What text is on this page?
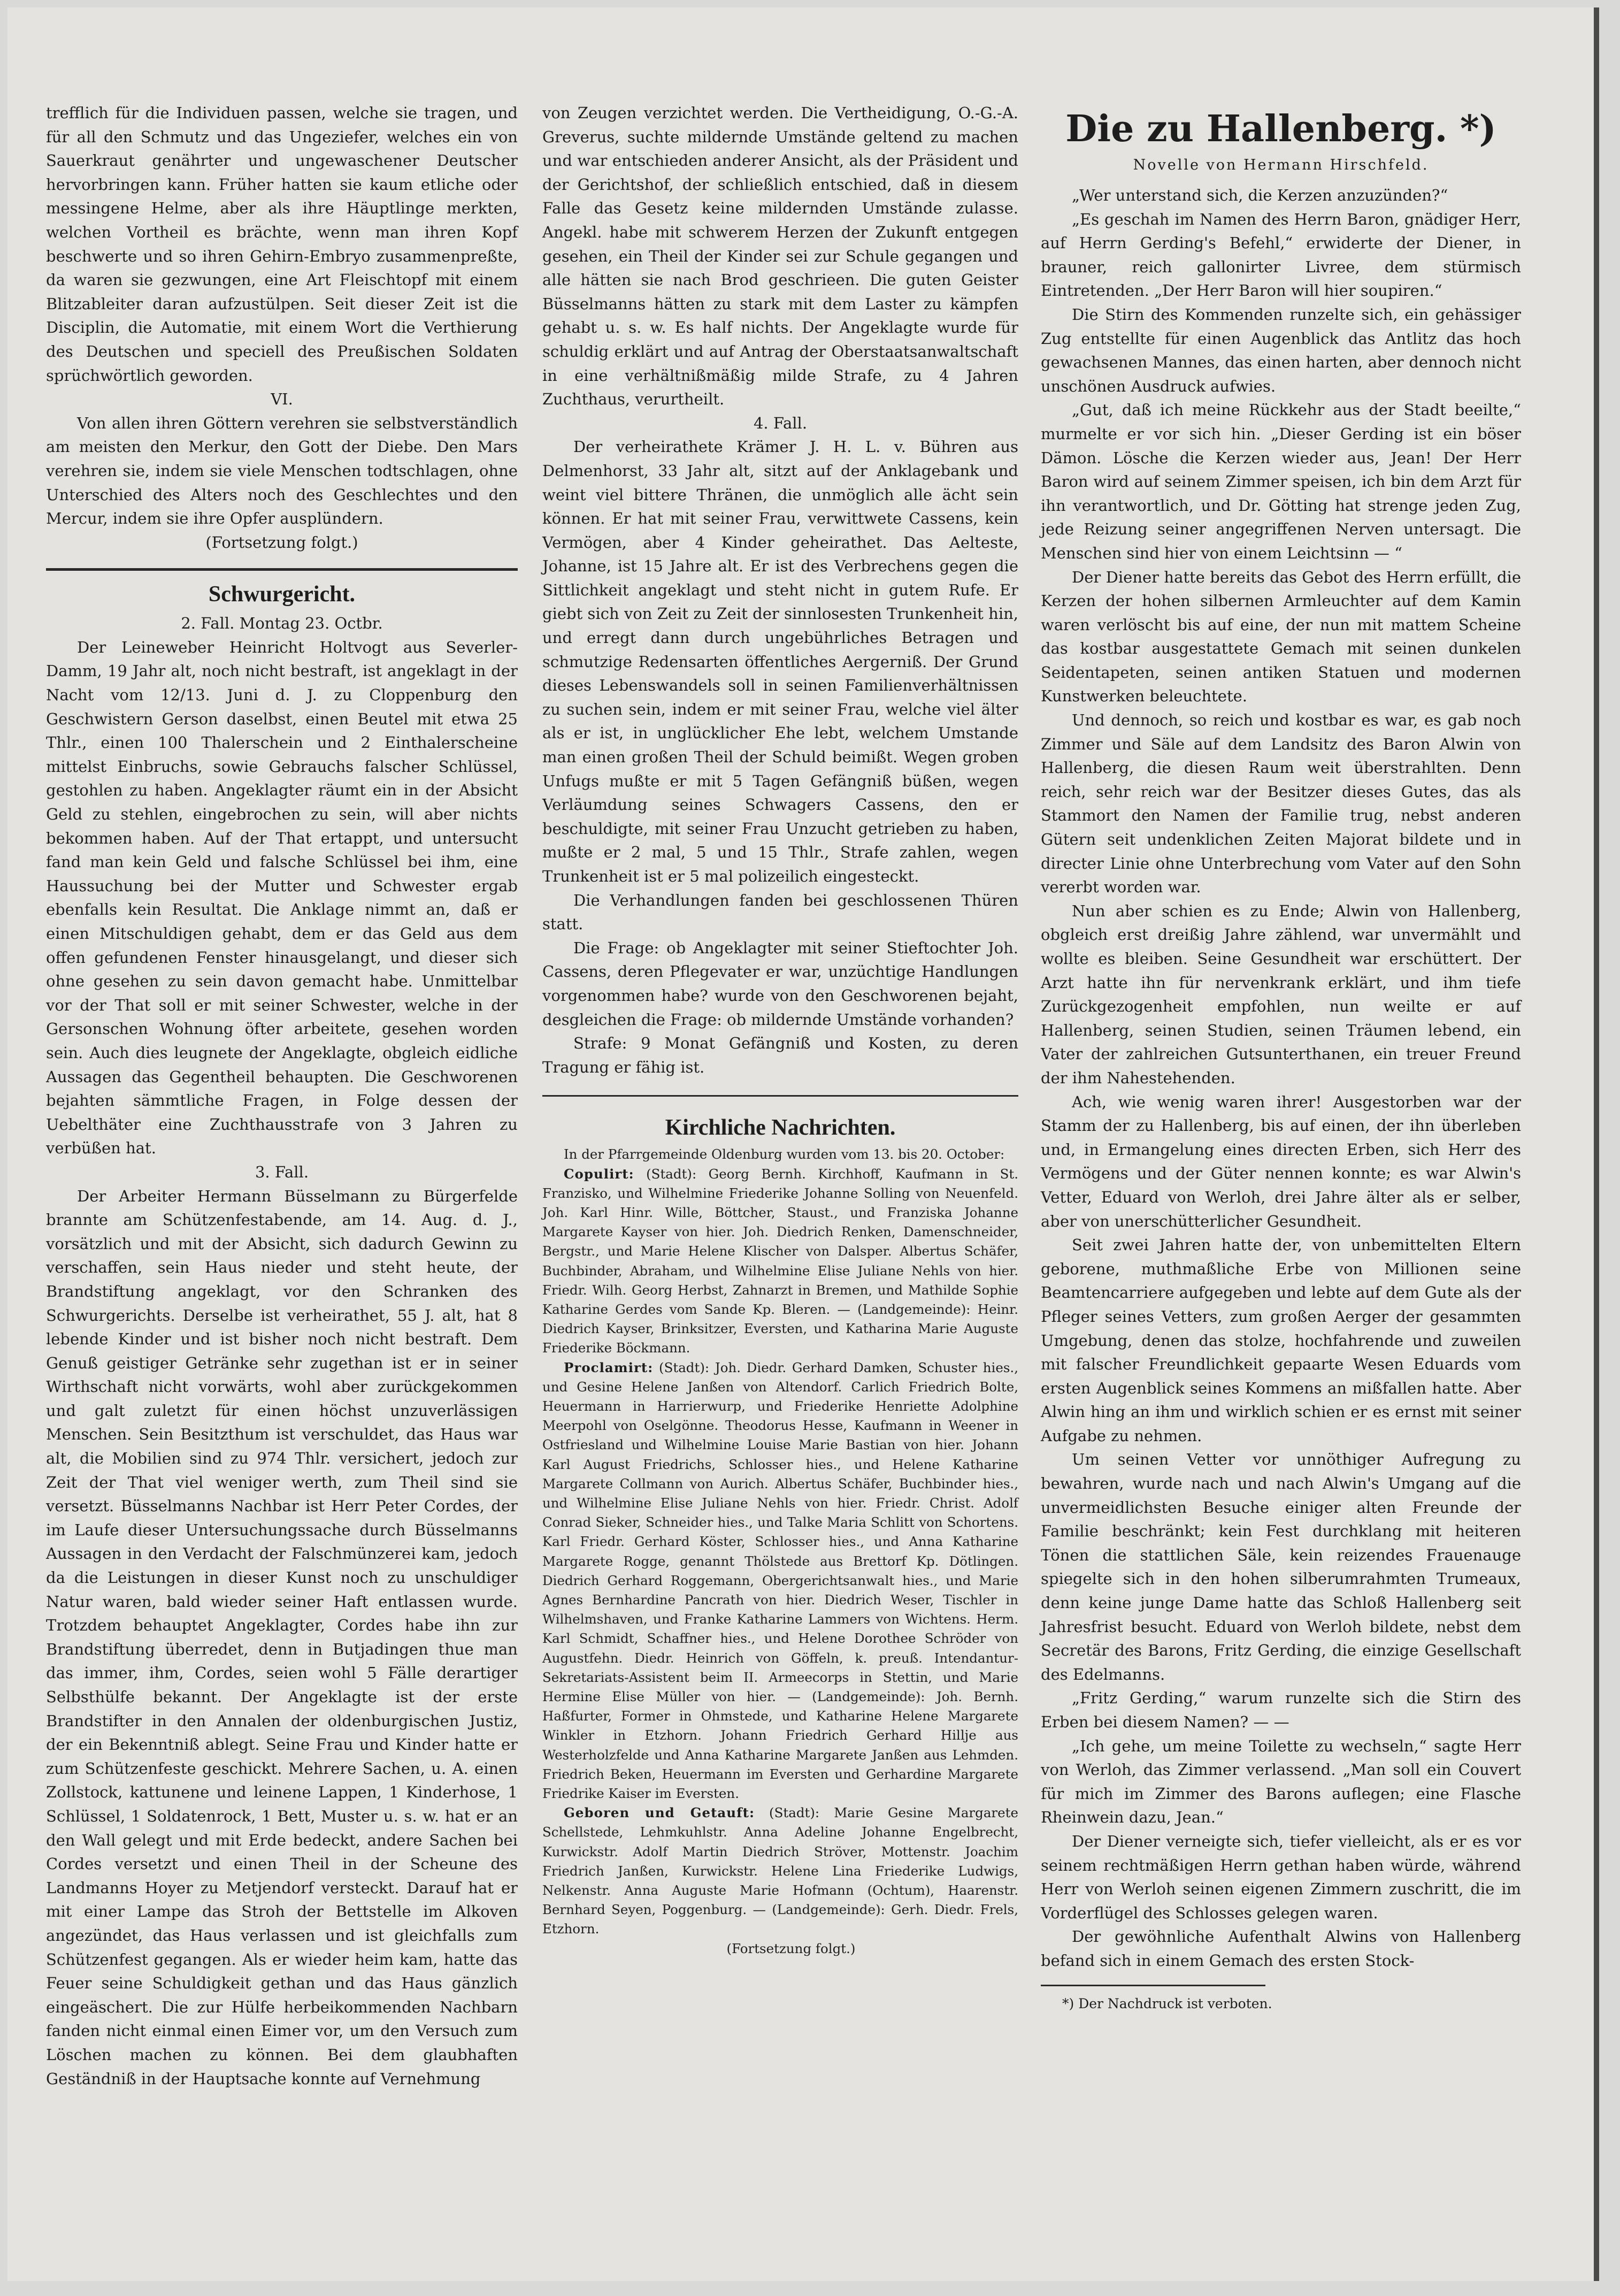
trefflich für die Individuen passen, welche sie tragen, und für all den Schmutz und das Ungeziefer, welches ein von Sauerkraut genährter und ungewaschener Deutscher hervorbringen kann. Früher hatten sie kaum etliche oder messingene Helme, aber als ihre Häuptlinge merkten, welchen Vortheil es brächte, wenn man ihren Kopf beschwerte und so ihren Gehirn-Embryo zusammenpreßte, da waren sie gezwungen, eine Art Fleischtopf mit einem Blitzableiter daran aufzustülpen. Seit dieser Zeit ist die Disciplin, die Automatie, mit einem Wort die Verthierung des Deutschen und speciell des Preußischen Soldaten sprüchwörtlich geworden.

VI.

Von allen ihren Göttern verehren sie selbstverständlich am meisten den Merkur, den Gott der Diebe. Den Mars verehren sie, indem sie viele Menschen todtschlagen, ohne Unterschied des Alters noch des Geschlechtes und den Mercur, indem sie ihre Opfer ausplündern.

(Fortsetzung folgt.)

Schwurgericht.

2. Fall. Montag 23. Octbr.

Der Leineweber Heinricht Holtvogt aus Severler-Damm, 19 Jahr alt, noch nicht bestraft, ist angeklagt in der Nacht vom 12/13. Juni d. J. zu Cloppenburg den Geschwistern Gerson daselbst, einen Beutel mit etwa 25 Thlr., einen 100 Thalerschein und 2 Einthalerscheine mittelst Einbruchs, sowie Gebrauchs falscher Schlüssel, gestohlen zu haben. Angeklagter räumt ein in der Absicht Geld zu stehlen, eingebrochen zu sein, will aber nichts bekommen haben. Auf der That ertappt, und untersucht fand man kein Geld und falsche Schlüssel bei ihm, eine Haussuchung bei der Mutter und Schwester ergab ebenfalls kein Resultat. Die Anklage nimmt an, daß er einen Mitschuldigen gehabt, dem er das Geld aus dem offen gefundenen Fenster hinausgelangt, und dieser sich ohne gesehen zu sein davon gemacht habe. Unmittelbar vor der That soll er mit seiner Schwester, welche in der Gersonschen Wohnung öfter arbeitete, gesehen worden sein. Auch dies leugnete der Angeklagte, obgleich eidliche Aussagen das Gegentheil behaupten. Die Geschworenen bejahten sämmtliche Fragen, in Folge dessen der Uebelthäter eine Zuchthausstrafe von 3 Jahren zu verbüßen hat.

3. Fall.

Der Arbeiter Hermann Büsselmann zu Bürgerfelde brannte am Schützenfestabende, am 14. Aug. d. J., vorsätzlich und mit der Absicht, sich dadurch Gewinn zu verschaffen, sein Haus nieder und steht heute, der Brandstiftung angeklagt, vor den Schranken des Schwurgerichts. Derselbe ist verheirathet, 55 J. alt, hat 8 lebende Kinder und ist bisher noch nicht bestraft. Dem Genuß geistiger Getränke sehr zugethan ist er in seiner Wirthschaft nicht vorwärts, wohl aber zurückgekommen und galt zuletzt für einen höchst unzuverlässigen Menschen. Sein Besitzthum ist verschuldet, das Haus war alt, die Mobilien sind zu 974 Thlr. versichert, jedoch zur Zeit der That viel weniger werth, zum Theil sind sie versetzt. Büsselmanns Nachbar ist Herr Peter Cordes, der im Laufe dieser Untersuchungssache durch Büsselmanns Aussagen in den Verdacht der Falschmünzerei kam, jedoch da die Leistungen in dieser Kunst noch zu unschuldiger Natur waren, bald wieder seiner Haft entlassen wurde. Trotzdem behauptet Angeklagter, Cordes habe ihn zur Brandstiftung überredet, denn in Butjadingen thue man das immer, ihm, Cordes, seien wohl 5 Fälle derartiger Selbsthülfe bekannt. Der Angeklagte ist der erste Brandstifter in den Annalen der oldenburgischen Justiz, der ein Bekenntniß ablegt. Seine Frau und Kinder hatte er zum Schützenfeste geschickt. Mehrere Sachen, u. A. einen Zollstock, kattunene und leinene Lappen, 1 Kinderhose, 1 Schlüssel, 1 Soldatenrock, 1 Bett, Muster u. s. w. hat er an den Wall gelegt und mit Erde bedeckt, andere Sachen bei Cordes versetzt und einen Theil in der Scheune des Landmanns Hoyer zu Metjendorf versteckt. Darauf hat er mit einer Lampe das Stroh der Bettstelle im Alkoven angezündet, das Haus verlassen und ist gleichfalls zum Schützenfest gegangen. Als er wieder heim kam, hatte das Feuer seine Schuldigkeit gethan und das Haus gänzlich eingeäschert. Die zur Hülfe herbeikommenden Nachbarn fanden nicht einmal einen Eimer vor, um den Versuch zum Löschen machen zu können. Bei dem glaubhaften Geständniß in der Hauptsache konnte auf Vernehmung

von Zeugen verzichtet werden. Die Vertheidigung, O.-G.-A. Greverus, suchte mildernde Umstände geltend zu machen und war entschieden anderer Ansicht, als der Präsident und der Gerichtshof, der schließlich entschied, daß in diesem Falle das Gesetz keine mildernden Umstände zulasse. Angekl. habe mit schwerem Herzen der Zukunft entgegen gesehen, ein Theil der Kinder sei zur Schule gegangen und alle hätten sie nach Brod geschrieen. Die guten Geister Büsselmanns hätten zu stark mit dem Laster zu kämpfen gehabt u. s. w. Es half nichts. Der Angeklagte wurde für schuldig erklärt und auf Antrag der Oberstaatsanwaltschaft in eine verhältnißmäßig milde Strafe, zu 4 Jahren Zuchthaus, verurtheilt.

4. Fall.

Der verheirathete Krämer J. H. L. v. Bühren aus Delmenhorst, 33 Jahr alt, sitzt auf der Anklagebank und weint viel bittere Thränen, die unmöglich alle ächt sein können. Er hat mit seiner Frau, verwittwete Cassens, kein Vermögen, aber 4 Kinder geheirathet. Das Aelteste, Johanne, ist 15 Jahre alt. Er ist des Verbrechens gegen die Sittlichkeit angeklagt und steht nicht in gutem Rufe. Er giebt sich von Zeit zu Zeit der sinnlosesten Trunkenheit hin, und erregt dann durch ungebührliches Betragen und schmutzige Redensarten öffentliches Aergerniß. Der Grund dieses Lebenswandels soll in seinen Familienverhältnissen zu suchen sein, indem er mit seiner Frau, welche viel älter als er ist, in unglücklicher Ehe lebt, welchem Umstande man einen großen Theil der Schuld beimißt. Wegen groben Unfugs mußte er mit 5 Tagen Gefängniß büßen, wegen Verläumdung seines Schwagers Cassens, den er beschuldigte, mit seiner Frau Unzucht getrieben zu haben, mußte er 2 mal, 5 und 15 Thlr., Strafe zahlen, wegen Trunkenheit ist er 5 mal polizeilich eingesteckt.

Die Verhandlungen fanden bei geschlossenen Thüren statt.

Die Frage: ob Angeklagter mit seiner Stieftochter Joh. Cassens, deren Pflegevater er war, unzüchtige Handlungen vorgenommen habe? wurde von den Geschworenen bejaht, desgleichen die Frage: ob mildernde Umstände vorhanden?

Strafe: 9 Monat Gefängniß und Kosten, zu deren Tragung er fähig ist.

Kirchliche Nachrichten.

In der Pfarrgemeinde Oldenburg wurden vom 13. bis 20. October:

Copulirt: (Stadt): Georg Bernh. Kirchhoff, Kaufmann in St. Franzisko, und Wilhelmine Friederike Johanne Solling von Neuenfeld. Joh. Karl Hinr. Wille, Böttcher, Staust., und Franziska Johanne Margarete Kayser von hier. Joh. Diedrich Renken, Damenschneider, Bergstr., und Marie Helene Klischer von Dalsper. Albertus Schäfer, Buchbinder, Abraham, und Wilhelmine Elise Juliane Nehls von hier. Friedr. Wilh. Georg Herbst, Zahnarzt in Bremen, und Mathilde Sophie Katharine Gerdes vom Sande Kp. Bleren. — (Landgemeinde): Heinr. Diedrich Kayser, Brinksitzer, Eversten, und Katharina Marie Auguste Friederike Böckmann.

Proclamirt: (Stadt): Joh. Diedr. Gerhard Damken, Schuster hies., und Gesine Helene Janßen von Altendorf. Carlich Friedrich Bolte, Heuermann in Harrierwurp, und Friederike Henriette Adolphine Meerpohl von Oselgönne. Theodorus Hesse, Kaufmann in Weener in Ostfriesland und Wilhelmine Louise Marie Bastian von hier. Johann Karl August Friedrichs, Schlosser hies., und Helene Katharine Margarete Collmann von Aurich. Albertus Schäfer, Buchbinder hies., und Wilhelmine Elise Juliane Nehls von hier. Friedr. Christ. Adolf Conrad Sieker, Schneider hies., und Talke Maria Schlitt von Schortens. Karl Friedr. Gerhard Köster, Schlosser hies., und Anna Katharine Margarete Rogge, genannt Thölstede aus Brettorf Kp. Dötlingen. Diedrich Gerhard Roggemann, Obergerichtsanwalt hies., und Marie Agnes Bernhardine Pancrath von hier. Diedrich Weser, Tischler in Wilhelmshaven, und Franke Katharine Lammers von Wichtens. Herm. Karl Schmidt, Schaffner hies., und Helene Dorothee Schröder von Augustfehn. Diedr. Heinrich von Göffeln, k. preuß. Intendantur-Sekretariats-Assistent beim II. Armeecorps in Stettin, und Marie Hermine Elise Müller von hier. — (Landgemeinde): Joh. Bernh. Haßfurter, Former in Ohmstede, und Katharine Helene Margarete Winkler in Etzhorn. Johann Friedrich Gerhard Hillje aus Westerholzfelde und Anna Katharine Margarete Janßen aus Lehmden. Friedrich Beken, Heuermann im Eversten und Gerhardine Margarete Friedrike Kaiser im Eversten.

Geboren und Getauft: (Stadt): Marie Gesine Margarete Schellstede, Lehmkuhlstr. Anna Adeline Johanne Engelbrecht, Kurwickstr. Adolf Martin Diedrich Ströver, Mottenstr. Joachim Friedrich Janßen, Kurwickstr. Helene Lina Friederike Ludwigs, Nelkenstr. Anna Auguste Marie Hofmann (Ochtum), Haarenstr. Bernhard Seyen, Poggenburg. — (Landgemeinde): Gerh. Diedr. Frels, Etzhorn.

(Fortsetzung folgt.)

Die zu Hallenberg. *)
Novelle von Hermann Hirschfeld.

„Wer unterstand sich, die Kerzen anzuzünden?“

„Es geschah im Namen des Herrn Baron, gnädiger Herr, auf Herrn Gerding's Befehl,“ erwiderte der Diener, in brauner, reich gallonirter Livree, dem stürmisch Eintretenden. „Der Herr Baron will hier soupiren.“

Die Stirn des Kommenden runzelte sich, ein gehässiger Zug entstellte für einen Augenblick das Antlitz das hoch gewachsenen Mannes, das einen harten, aber dennoch nicht unschönen Ausdruck aufwies.

„Gut, daß ich meine Rückkehr aus der Stadt beeilte,“ murmelte er vor sich hin. „Dieser Gerding ist ein böser Dämon. Lösche die Kerzen wieder aus, Jean! Der Herr Baron wird auf seinem Zimmer speisen, ich bin dem Arzt für ihn verantwortlich, und Dr. Götting hat strenge jeden Zug, jede Reizung seiner angegriffenen Nerven untersagt. Die Menschen sind hier von einem Leichtsinn — “

Der Diener hatte bereits das Gebot des Herrn erfüllt, die Kerzen der hohen silbernen Armleuchter auf dem Kamin waren verlöscht bis auf eine, der nun mit mattem Scheine das kostbar ausgestattete Gemach mit seinen dunkelen Seidentapeten, seinen antiken Statuen und modernen Kunstwerken beleuchtete.

Und dennoch, so reich und kostbar es war, es gab noch Zimmer und Säle auf dem Landsitz des Baron Alwin von Hallenberg, die diesen Raum weit überstrahlten. Denn reich, sehr reich war der Besitzer dieses Gutes, das als Stammort den Namen der Familie trug, nebst anderen Gütern seit undenklichen Zeiten Majorat bildete und in directer Linie ohne Unterbrechung vom Vater auf den Sohn vererbt worden war.

Nun aber schien es zu Ende; Alwin von Hallenberg, obgleich erst dreißig Jahre zählend, war unvermählt und wollte es bleiben. Seine Gesundheit war erschüttert. Der Arzt hatte ihn für nervenkrank erklärt, und ihm tiefe Zurückgezogenheit empfohlen, nun weilte er auf Hallenberg, seinen Studien, seinen Träumen lebend, ein Vater der zahlreichen Gutsunterthanen, ein treuer Freund der ihm Nahestehenden.

Ach, wie wenig waren ihrer! Ausgestorben war der Stamm der zu Hallenberg, bis auf einen, der ihn überleben und, in Ermangelung eines directen Erben, sich Herr des Vermögens und der Güter nennen konnte; es war Alwin's Vetter, Eduard von Werloh, drei Jahre älter als er selber, aber von unerschütterlicher Gesundheit.

Seit zwei Jahren hatte der, von unbemittelten Eltern geborene, muthmaßliche Erbe von Millionen seine Beamtencarriere aufgegeben und lebte auf dem Gute als der Pfleger seines Vetters, zum großen Aerger der gesammten Umgebung, denen das stolze, hochfahrende und zuweilen mit falscher Freundlichkeit gepaarte Wesen Eduards vom ersten Augenblick seines Kommens an mißfallen hatte. Aber Alwin hing an ihm und wirklich schien er es ernst mit seiner Aufgabe zu nehmen.

Um seinen Vetter vor unnöthiger Aufregung zu bewahren, wurde nach und nach Alwin's Umgang auf die unvermeidlichsten Besuche einiger alten Freunde der Familie beschränkt; kein Fest durchklang mit heiteren Tönen die stattlichen Säle, kein reizendes Frauenauge spiegelte sich in den hohen silberumrahmten Trumeaux, denn keine junge Dame hatte das Schloß Hallenberg seit Jahresfrist besucht. Eduard von Werloh bildete, nebst dem Secretär des Barons, Fritz Gerding, die einzige Gesellschaft des Edelmanns.

„Fritz Gerding,“ warum runzelte sich die Stirn des Erben bei diesem Namen? — —

„Ich gehe, um meine Toilette zu wechseln,“ sagte Herr von Werloh, das Zimmer verlassend. „Man soll ein Couvert für mich im Zimmer des Barons auflegen; eine Flasche Rheinwein dazu, Jean.“

Der Diener verneigte sich, tiefer vielleicht, als er es vor seinem rechtmäßigen Herrn gethan haben würde, während Herr von Werloh seinen eigenen Zimmern zuschritt, die im Vorderflügel des Schlosses gelegen waren.

Der gewöhnliche Aufenthalt Alwins von Hallenberg befand sich in einem Gemach des ersten Stock-

*) Der Nachdruck ist verboten.
